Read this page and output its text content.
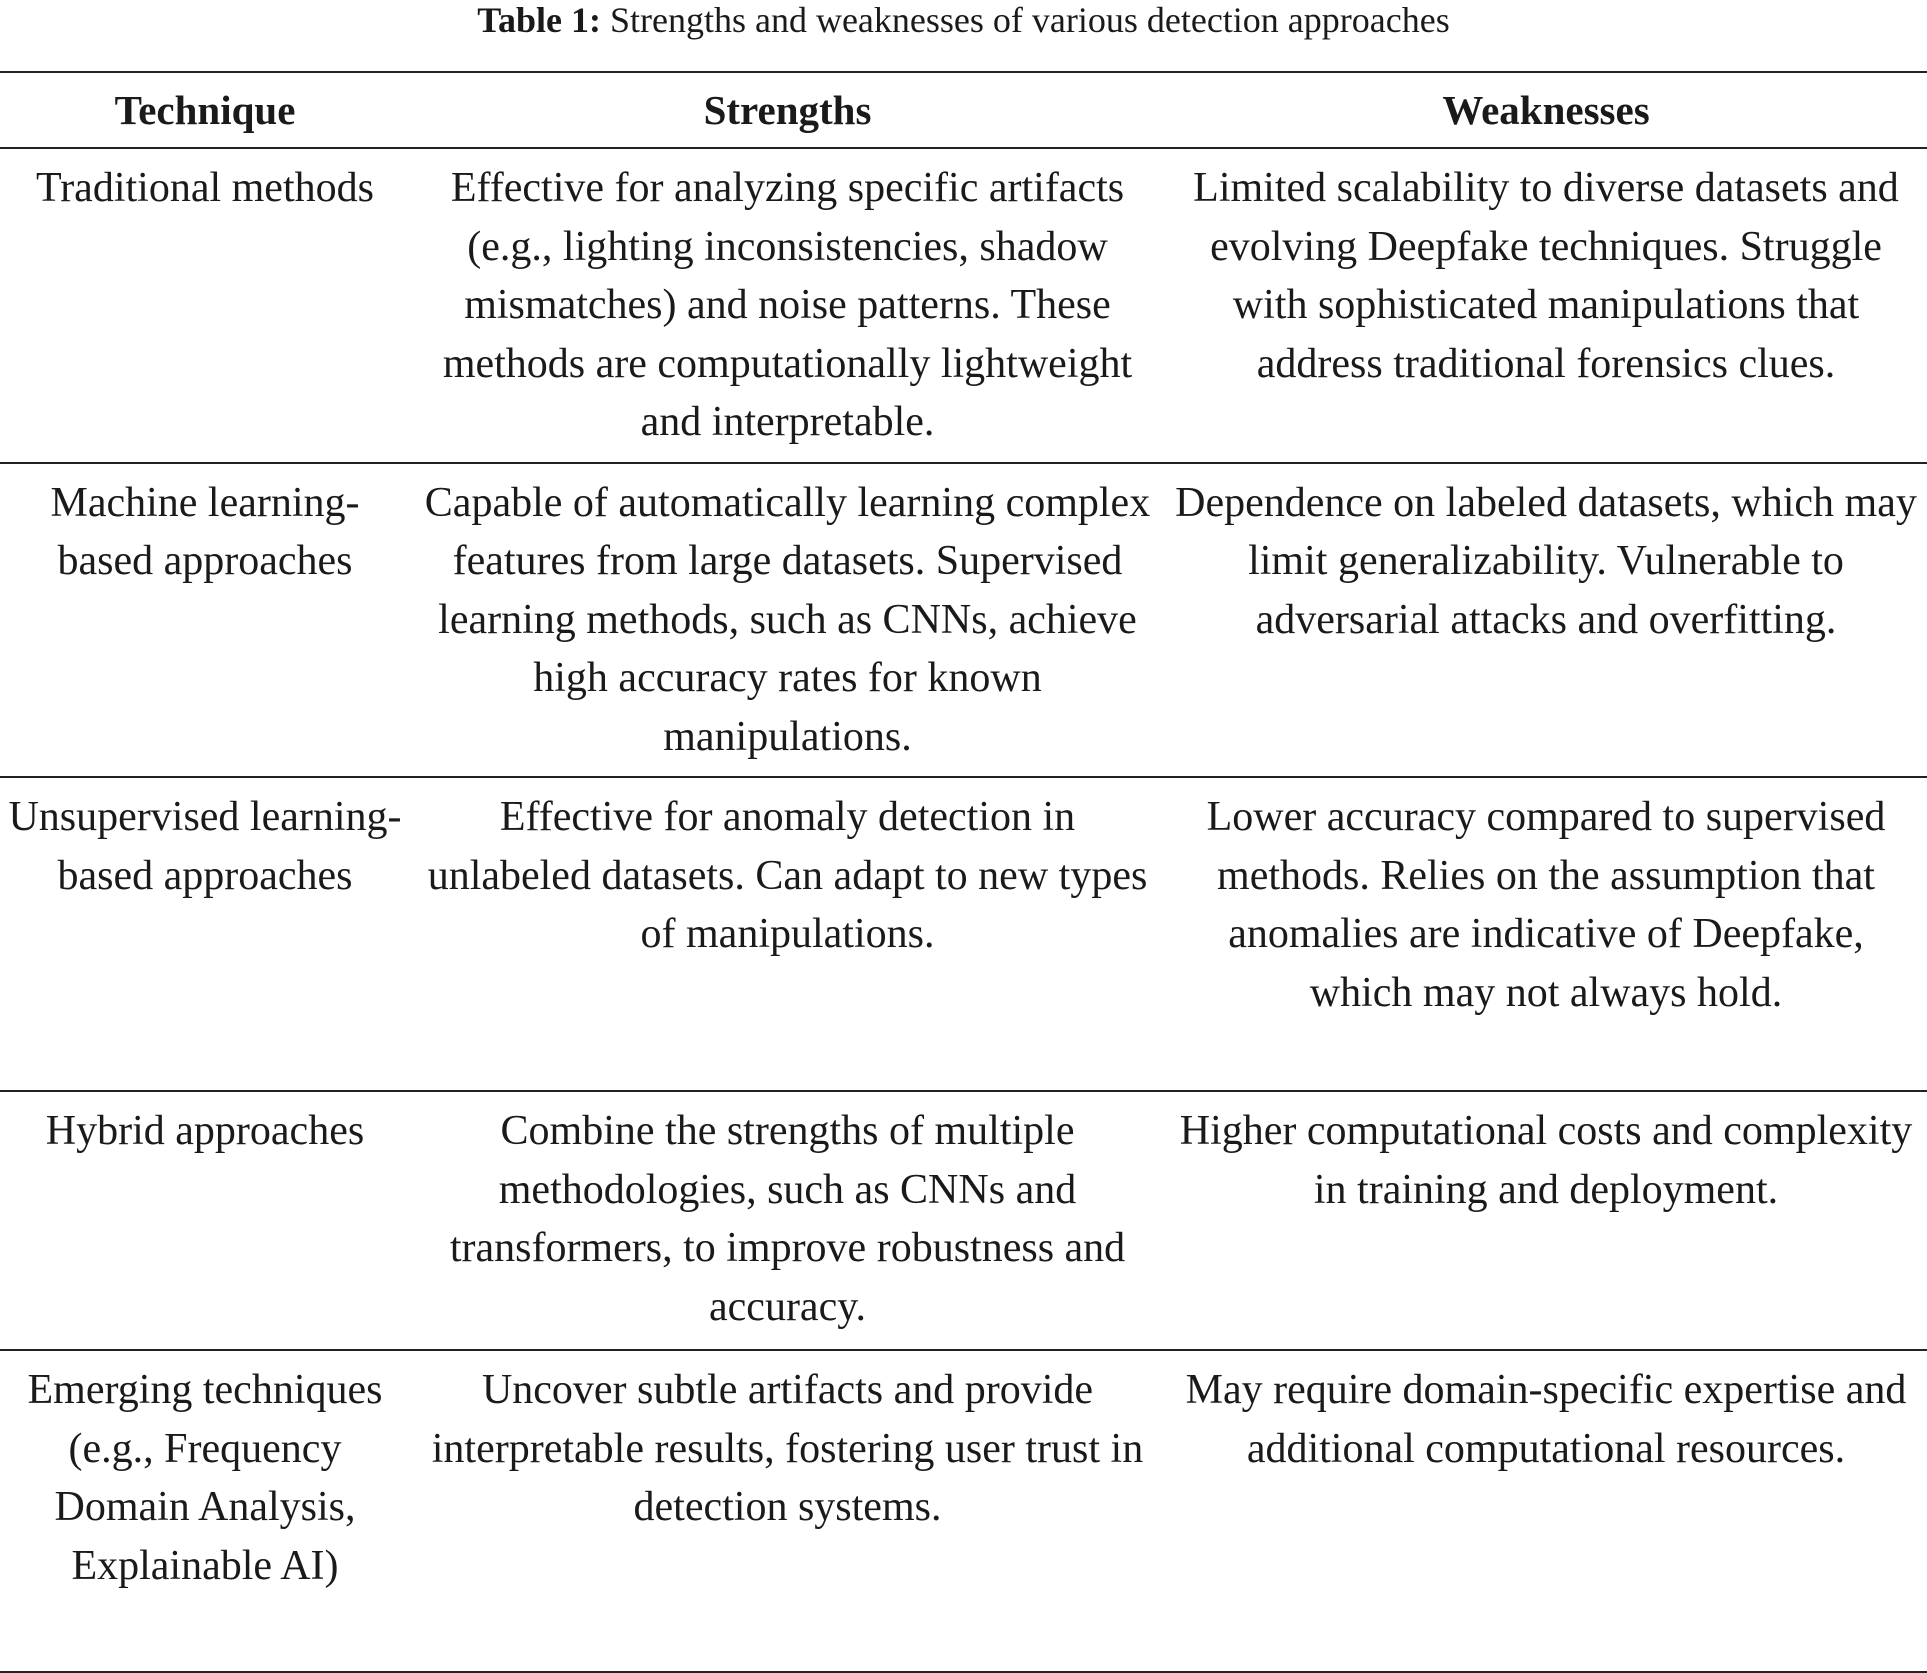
Table 1: Strengths and weaknesses of various detection approaches
Technique	Strengths	Weaknesses
Traditional methods	Effective for analyzing specific artifacts (e.g., lighting inconsistencies, shadow mismatches) and noise patterns. These methods are computationally lightweight and interpretable.	Limited scalability to diverse datasets and evolving Deepfake techniques. Struggle with sophisticated manipulations that address traditional forensics clues.
Machine learning-based approaches	Capable of automatically learning complex features from large datasets. Supervised learning methods, such as CNNs, achieve high accuracy rates for known manipulations.	Dependence on labeled datasets, which may limit generalizability. Vulnerable to adversarial attacks and overfitting.
Unsupervised learning-based approaches	Effective for anomaly detection in unlabeled datasets. Can adapt to new types of manipulations.	Lower accuracy compared to supervised methods. Relies on the assumption that anomalies are indicative of Deepfake, which may not always hold.
Hybrid approaches	Combine the strengths of multiple methodologies, such as CNNs and transformers, to improve robustness and accuracy.	Higher computational costs and complexity in training and deployment.
Emerging techniques (e.g., Frequency Domain Analysis, Explainable AI)	Uncover subtle artifacts and provide interpretable results, fostering user trust in detection systems.	May require domain-specific expertise and additional computational resources.
